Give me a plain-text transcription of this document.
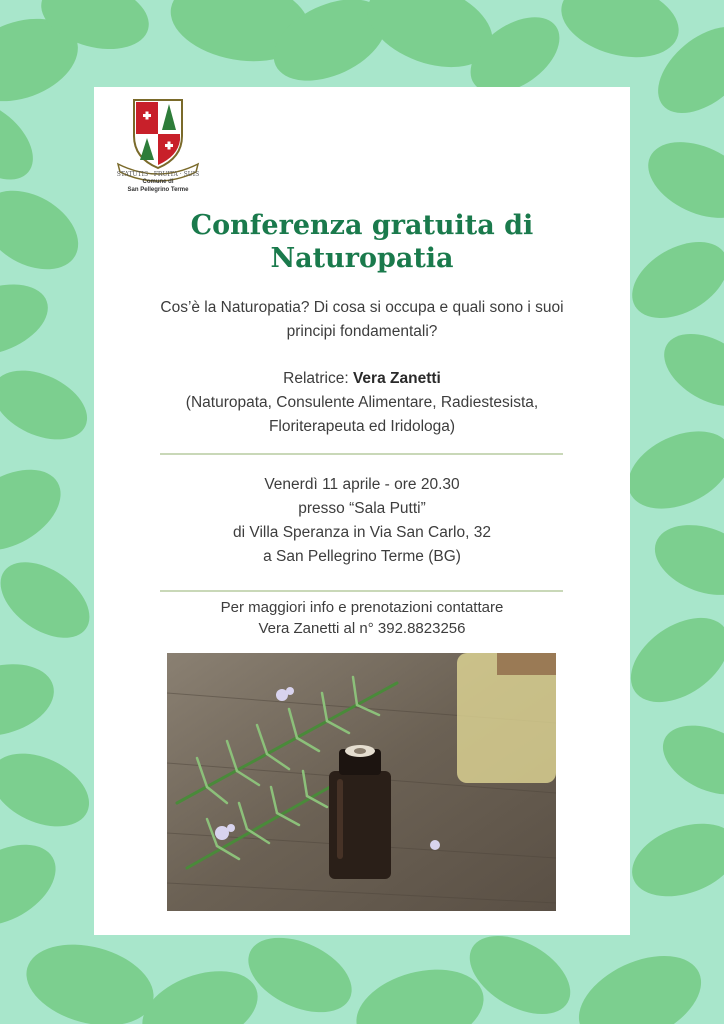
STATUTIS · FRUITA · SUIS
Comune di
San Pellegrino Terme
Conferenza gratuita di
Naturopatia
Cos’è la Naturopatia? Di cosa si occupa e quali sono i suoi
principi fondamentali?
Relatrice: Vera Zanetti
(Naturopata, Consulente Alimentare, Radiestesista,
Floriterapeuta ed Iridologa)
Venerdì 11 aprile - ore 20.30
presso “Sala Putti”
di Villa Speranza in Via San Carlo, 32
a San Pellegrino Terme (BG)
Per maggiori info e prenotazioni contattare
Vera Zanetti al n° 392.8823256
